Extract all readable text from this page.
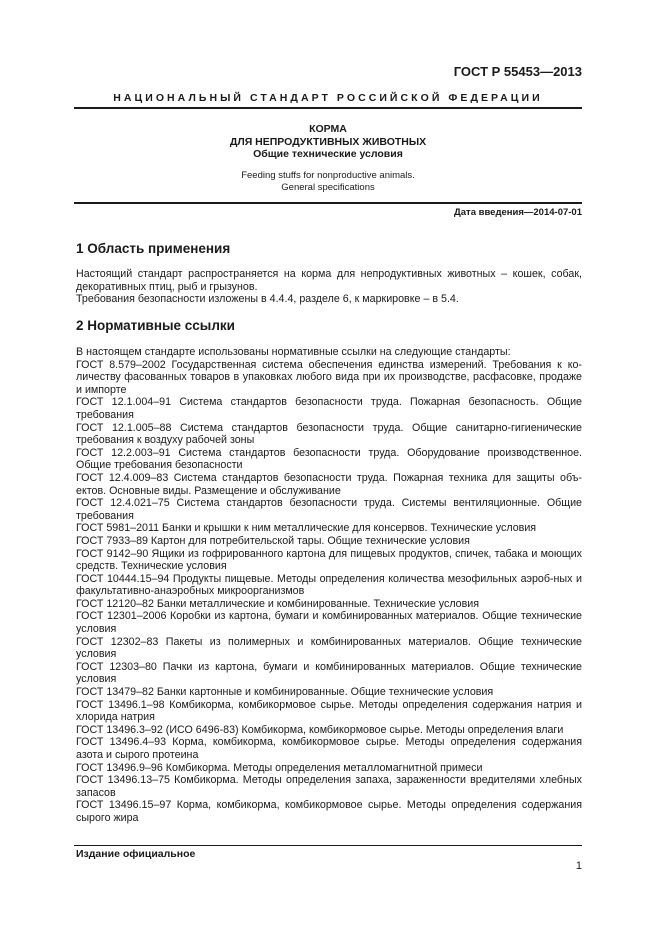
ГОСТ Р 55453—2013
НАЦИОНАЛЬНЫЙ СТАНДАРТ РОССИЙСКОЙ ФЕДЕРАЦИИ
КОРМА
ДЛЯ НЕПРОДУКТИВНЫХ ЖИВОТНЫХ
Общие технические условия
Feeding stuffs for nonproductive animals.
General specifications
Дата введения—2014-07-01
1 Область применения

Настоящий стандарт распространяется на корма для непродуктивных животных – кошек, собак, декоративных птиц, рыб и грызунов.

Требования безопасности изложены в 4.4.4, разделе 6, к маркировке – в 5.4.

2 Нормативные ссылки

В настоящем стандарте использованы нормативные ссылки на следующие стандарты:

ГОСТ 8.579–2002 Государственная система обеспечения единства измерений. Требования к ко-личеству фасованных товаров в упаковках любого вида при их производстве, расфасовке, продаже и импорте

ГОСТ 12.1.004–91 Система стандартов безопасности труда. Пожарная безопасность. Общие требования

ГОСТ 12.1.005–88 Система стандартов безопасности труда. Общие санитарно-гигиенические требования к воздуху рабочей зоны

ГОСТ 12.2.003–91 Система стандартов безопасности труда. Оборудование производственное. Общие требования безопасности

ГОСТ 12.4.009–83 Система стандартов безопасности труда. Пожарная техника для защиты объ-ектов. Основные виды. Размещение и обслуживание

ГОСТ 12.4.021–75 Система стандартов безопасности труда. Системы вентиляционные. Общие требования

ГОСТ 5981–2011 Банки и крышки к ним металлические для консервов. Технические условия

ГОСТ 7933–89 Картон для потребительской тары. Общие технические условия

ГОСТ 9142–90 Ящики из гофрированного картона для пищевых продуктов, спичек, табака и моющих средств. Технические условия

ГОСТ 10444.15–94 Продукты пищевые. Методы определения количества мезофильных аэроб-ных и факультативно-анаэробных микроорганизмов

ГОСТ 12120–82 Банки металлические и комбинированные. Технические условия

ГОСТ 12301–2006 Коробки из картона, бумаги и комбинированных материалов. Общие технические условия

ГОСТ 12302–83 Пакеты из полимерных и комбинированных материалов. Общие технические условия

ГОСТ 12303–80 Пачки из картона, бумаги и комбинированных материалов. Общие технические условия

ГОСТ 13479–82 Банки картонные и комбинированные. Общие технические условия

ГОСТ 13496.1–98 Комбикорма, комбикормовое сырье. Методы определения содержания натрия и хлорида натрия

ГОСТ 13496.3–92 (ИСО 6496-83) Комбикорма, комбикормовое сырье. Методы определения влаги

ГОСТ 13496.4–93 Корма, комбикорма, комбикормовое сырье. Методы определения содержания азота и сырого протеина

ГОСТ 13496.9–96 Комбикорма. Методы определения металломагнитной примеси

ГОСТ 13496.13–75 Комбикорма. Методы определения запаха, зараженности вредителями хлебных запасов

ГОСТ 13496.15–97 Корма, комбикорма, комбикормовое сырье. Методы определения содержания сырого жира

Издание официальное
1
